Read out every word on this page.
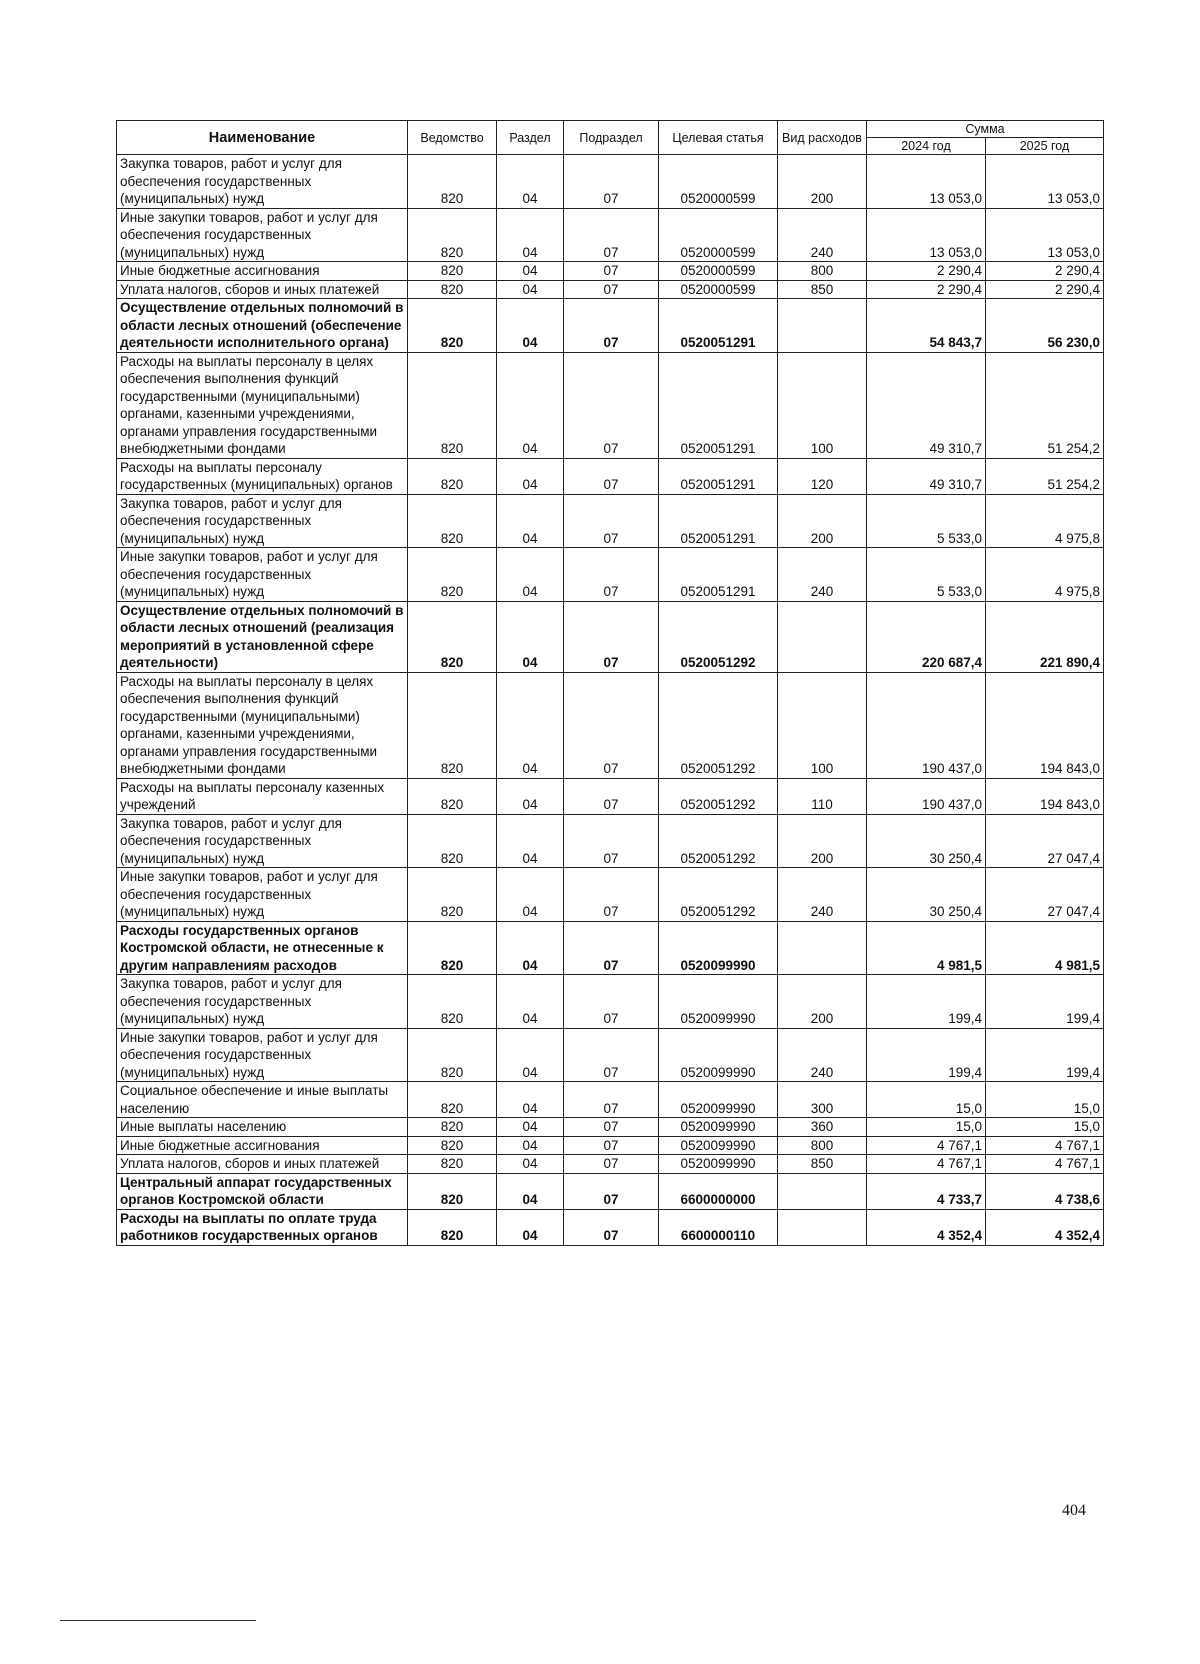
Наименование	Ведомство	Раздел	Подраздел	Целевая статья	Вид расходов	Сумма	
						2024 год	2025 год
Закупка товаров, работ и услуг для обеспечения государственных (муниципальных) нужд	820	04	07	0520000599	200	13 053,0	13 053,0
Иные закупки товаров, работ и услуг для обеспечения государственных (муниципальных) нужд	820	04	07	0520000599	240	13 053,0	13 053,0
Иные бюджетные ассигнования	820	04	07	0520000599	800	2 290,4	2 290,4
Уплата налогов, сборов и иных платежей	820	04	07	0520000599	850	2 290,4	2 290,4
Осуществление отдельных полномочий в области лесных отношений (обеспечение деятельности исполнительного органа)	820	04	07	0520051291		54 843,7	56 230,0
Расходы на выплаты персоналу в целях обеспечения выполнения функций государственными (муниципальными) органами, казенными учреждениями, органами управления государственными внебюджетными фондами	820	04	07	0520051291	100	49 310,7	51 254,2
Расходы на выплаты персоналу государственных (муниципальных) органов	820	04	07	0520051291	120	49 310,7	51 254,2
Закупка товаров, работ и услуг для обеспечения государственных (муниципальных) нужд	820	04	07	0520051291	200	5 533,0	4 975,8
Иные закупки товаров, работ и услуг для обеспечения государственных (муниципальных) нужд	820	04	07	0520051291	240	5 533,0	4 975,8
Осуществление отдельных полномочий в области лесных отношений (реализация мероприятий в установленной сфере деятельности)	820	04	07	0520051292		220 687,4	221 890,4
Расходы на выплаты персоналу в целях обеспечения выполнения функций государственными (муниципальными) органами, казенными учреждениями, органами управления государственными внебюджетными фондами	820	04	07	0520051292	100	190 437,0	194 843,0
Расходы на выплаты персоналу казенных учреждений	820	04	07	0520051292	110	190 437,0	194 843,0
Закупка товаров, работ и услуг для обеспечения государственных (муниципальных) нужд	820	04	07	0520051292	200	30 250,4	27 047,4
Иные закупки товаров, работ и услуг для обеспечения государственных (муниципальных) нужд	820	04	07	0520051292	240	30 250,4	27 047,4
Расходы государственных органов Костромской области, не отнесенные к другим направлениям расходов	820	04	07	0520099990		4 981,5	4 981,5
Закупка товаров, работ и услуг для обеспечения государственных (муниципальных) нужд	820	04	07	0520099990	200	199,4	199,4
Иные закупки товаров, работ и услуг для обеспечения государственных (муниципальных) нужд	820	04	07	0520099990	240	199,4	199,4
Социальное обеспечение и иные выплаты населению	820	04	07	0520099990	300	15,0	15,0
Иные выплаты населению	820	04	07	0520099990	360	15,0	15,0
Иные бюджетные ассигнования	820	04	07	0520099990	800	4 767,1	4 767,1
Уплата налогов, сборов и иных платежей	820	04	07	0520099990	850	4 767,1	4 767,1
Центральный аппарат государственных органов Костромской области	820	04	07	6600000000		4 733,7	4 738,6
Расходы на выплаты по оплате труда работников государственных органов	820	04	07	6600000110		4 352,4	4 352,4
404
